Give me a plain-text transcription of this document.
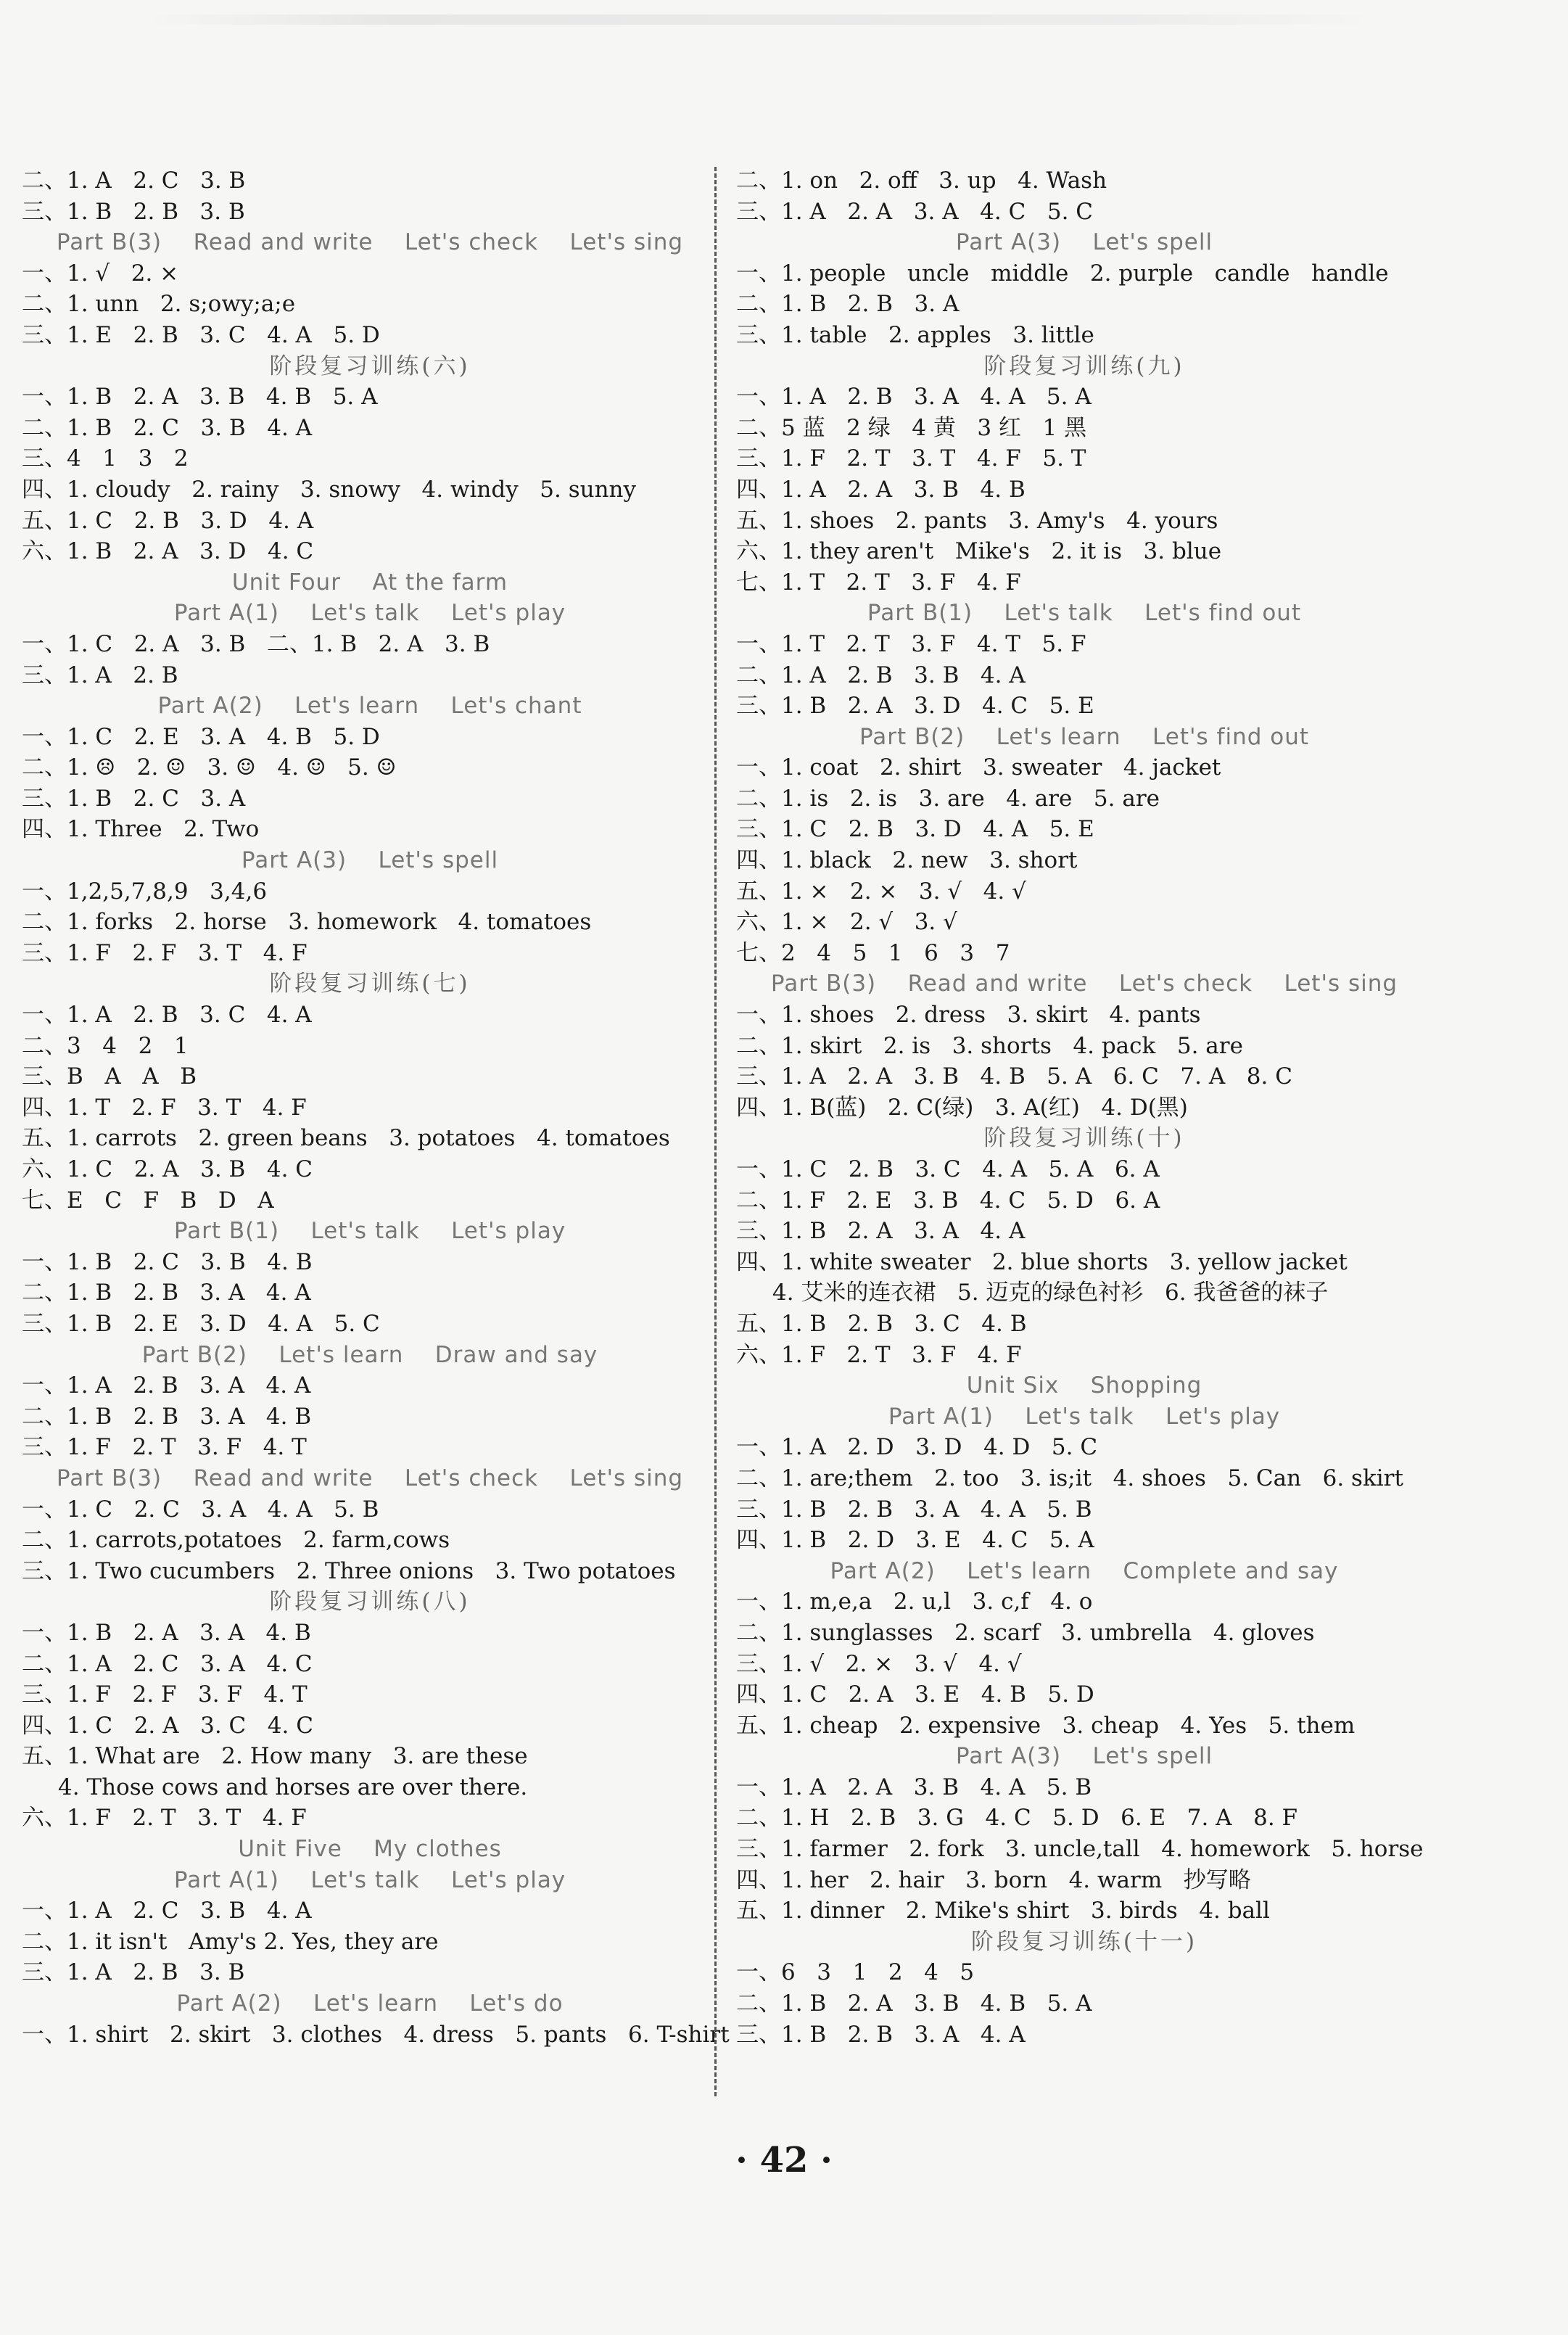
二、1. A   2. C   3. B
三、1. B   2. B   3. B
Part B(3)    Read and write    Let's check    Let's sing
一、1. √   2. ×
二、1. unn   2. s;owy;a;e
三、1. E   2. B   3. C   4. A   5. D
阶段复习训练(六)
一、1. B   2. A   3. B   4. B   5. A
二、1. B   2. C   3. B   4. A
三、4   1   3   2
四、1. cloudy   2. rainy   3. snowy   4. windy   5. sunny
五、1. C   2. B   3. D   4. A
六、1. B   2. A   3. D   4. C
Unit Four    At the farm
Part A(1)    Let's talk    Let's play
一、1. C   2. A   3. B   二、1. B   2. A   3. B
三、1. A   2. B
Part A(2)    Let's learn    Let's chant
一、1. C   2. E   3. A   4. B   5. D
二、1. ☹   2. ☺   3. ☺   4. ☺   5. ☺
三、1. B   2. C   3. A
四、1. Three   2. Two
Part A(3)    Let's spell
一、1,2,5,7,8,9   3,4,6
二、1. forks   2. horse   3. homework   4. tomatoes
三、1. F   2. F   3. T   4. F
阶段复习训练(七)
一、1. A   2. B   3. C   4. A
二、3   4   2   1
三、B   A   A   B
四、1. T   2. F   3. T   4. F
五、1. carrots   2. green beans   3. potatoes   4. tomatoes
六、1. C   2. A   3. B   4. C
七、E   C   F   B   D   A
Part B(1)    Let's talk    Let's play
一、1. B   2. C   3. B   4. B
二、1. B   2. B   3. A   4. A
三、1. B   2. E   3. D   4. A   5. C
Part B(2)    Let's learn    Draw and say
一、1. A   2. B   3. A   4. A
二、1. B   2. B   3. A   4. B
三、1. F   2. T   3. F   4. T
Part B(3)    Read and write    Let's check    Let's sing
一、1. C   2. C   3. A   4. A   5. B
二、1. carrots,potatoes   2. farm,cows
三、1. Two cucumbers   2. Three onions   3. Two potatoes
阶段复习训练(八)
一、1. B   2. A   3. A   4. B
二、1. A   2. C   3. A   4. C
三、1. F   2. F   3. F   4. T
四、1. C   2. A   3. C   4. C
五、1. What are   2. How many   3. are these
4. Those cows and horses are over there.
六、1. F   2. T   3. T   4. F
Unit Five    My clothes
Part A(1)    Let's talk    Let's play
一、1. A   2. C   3. B   4. A
二、1. it isn't   Amy's 2. Yes, they are
三、1. A   2. B   3. B
Part A(2)    Let's learn    Let's do
一、1. shirt   2. skirt   3. clothes   4. dress   5. pants   6. T-shirt
二、1. on   2. off   3. up   4. Wash
三、1. A   2. A   3. A   4. C   5. C
Part A(3)    Let's spell
一、1. people   uncle   middle   2. purple   candle   handle
二、1. B   2. B   3. A
三、1. table   2. apples   3. little
阶段复习训练(九)
一、1. A   2. B   3. A   4. A   5. A
二、5 蓝   2 绿   4 黄   3 红   1 黑
三、1. F   2. T   3. T   4. F   5. T
四、1. A   2. A   3. B   4. B
五、1. shoes   2. pants   3. Amy's   4. yours
六、1. they aren't   Mike's   2. it is   3. blue
七、1. T   2. T   3. F   4. F
Part B(1)    Let's talk    Let's find out
一、1. T   2. T   3. F   4. T   5. F
二、1. A   2. B   3. B   4. A
三、1. B   2. A   3. D   4. C   5. E
Part B(2)    Let's learn    Let's find out
一、1. coat   2. shirt   3. sweater   4. jacket
二、1. is   2. is   3. are   4. are   5. are
三、1. C   2. B   3. D   4. A   5. E
四、1. black   2. new   3. short
五、1. ×   2. ×   3. √   4. √
六、1. ×   2. √   3. √
七、2   4   5   1   6   3   7
Part B(3)    Read and write    Let's check    Let's sing
一、1. shoes   2. dress   3. skirt   4. pants
二、1. skirt   2. is   3. shorts   4. pack   5. are
三、1. A   2. A   3. B   4. B   5. A   6. C   7. A   8. C
四、1. B(蓝)   2. C(绿)   3. A(红)   4. D(黑)
阶段复习训练(十)
一、1. C   2. B   3. C   4. A   5. A   6. A
二、1. F   2. E   3. B   4. C   5. D   6. A
三、1. B   2. A   3. A   4. A
四、1. white sweater   2. blue shorts   3. yellow jacket
4. 艾米的连衣裙   5. 迈克的绿色衬衫   6. 我爸爸的袜子
五、1. B   2. B   3. C   4. B
六、1. F   2. T   3. F   4. F
Unit Six    Shopping
Part A(1)    Let's talk    Let's play
一、1. A   2. D   3. D   4. D   5. C
二、1. are;them   2. too   3. is;it   4. shoes   5. Can   6. skirt
三、1. B   2. B   3. A   4. A   5. B
四、1. B   2. D   3. E   4. C   5. A
Part A(2)    Let's learn    Complete and say
一、1. m,e,a   2. u,l   3. c,f   4. o
二、1. sunglasses   2. scarf   3. umbrella   4. gloves
三、1. √   2. ×   3. √   4. √
四、1. C   2. A   3. E   4. B   5. D
五、1. cheap   2. expensive   3. cheap   4. Yes   5. them
Part A(3)    Let's spell
一、1. A   2. A   3. B   4. A   5. B
二、1. H   2. B   3. G   4. C   5. D   6. E   7. A   8. F
三、1. farmer   2. fork   3. uncle,tall   4. homework   5. horse
四、1. her   2. hair   3. born   4. warm   抄写略
五、1. dinner   2. Mike's shirt   3. birds   4. ball
阶段复习训练(十一)
一、6   3   1   2   4   5
二、1. B   2. A   3. B   4. B   5. A
三、1. B   2. B   3. A   4. A
· 42 ·
